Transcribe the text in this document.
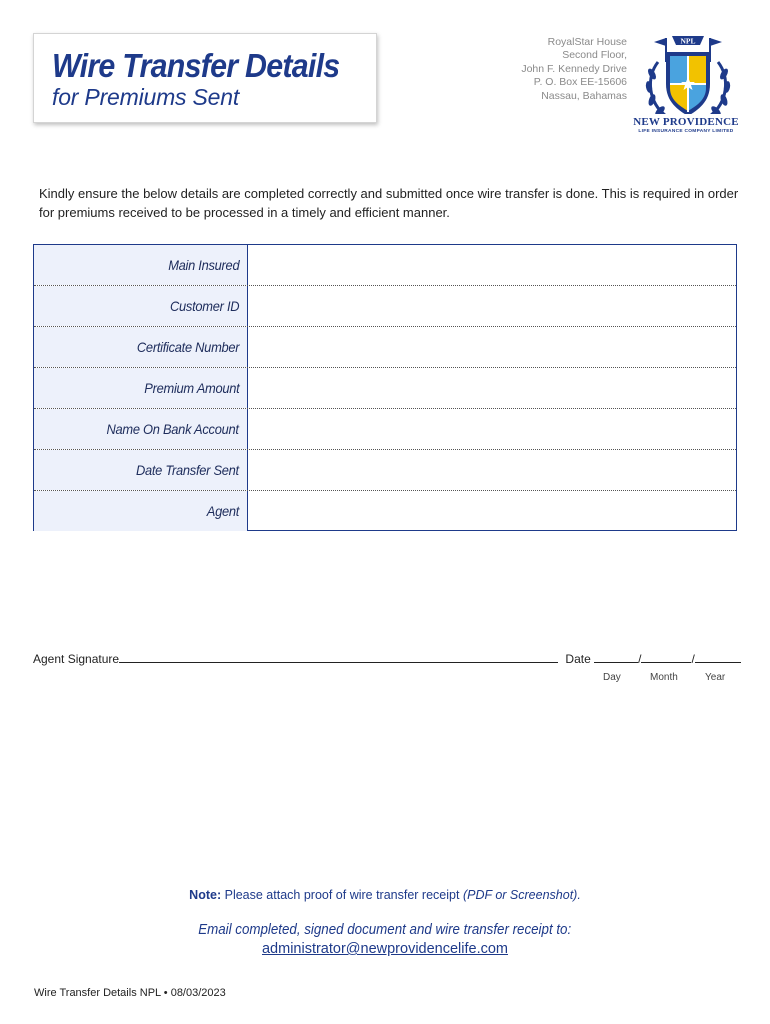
Wire Transfer Details
for Premiums Sent
RoyalStar House
Second Floor,
John F. Kennedy Drive
P. O. Box EE-15606
Nassau, Bahamas
NPL
NEW PROVIDENCE
LIFE INSURANCE COMPANY LIMITED

Kindly ensure the below details are completed correctly and submitted once wire transfer is done. This is required in order for premiums received to be processed in a timely and efficient manner.

Main Insured
Customer ID
Certificate Number
Premium Amount
Name On Bank Account
Date Transfer Sent
Agent
Agent Signature	Date	/	/
Day	Month	Year
Note: Please attach proof of wire transfer receipt (PDF or Screenshot).
Email completed, signed document and wire transfer receipt to:
administrator@newprovidencelife.com
Wire Transfer Details NPL • 08/03/2023
